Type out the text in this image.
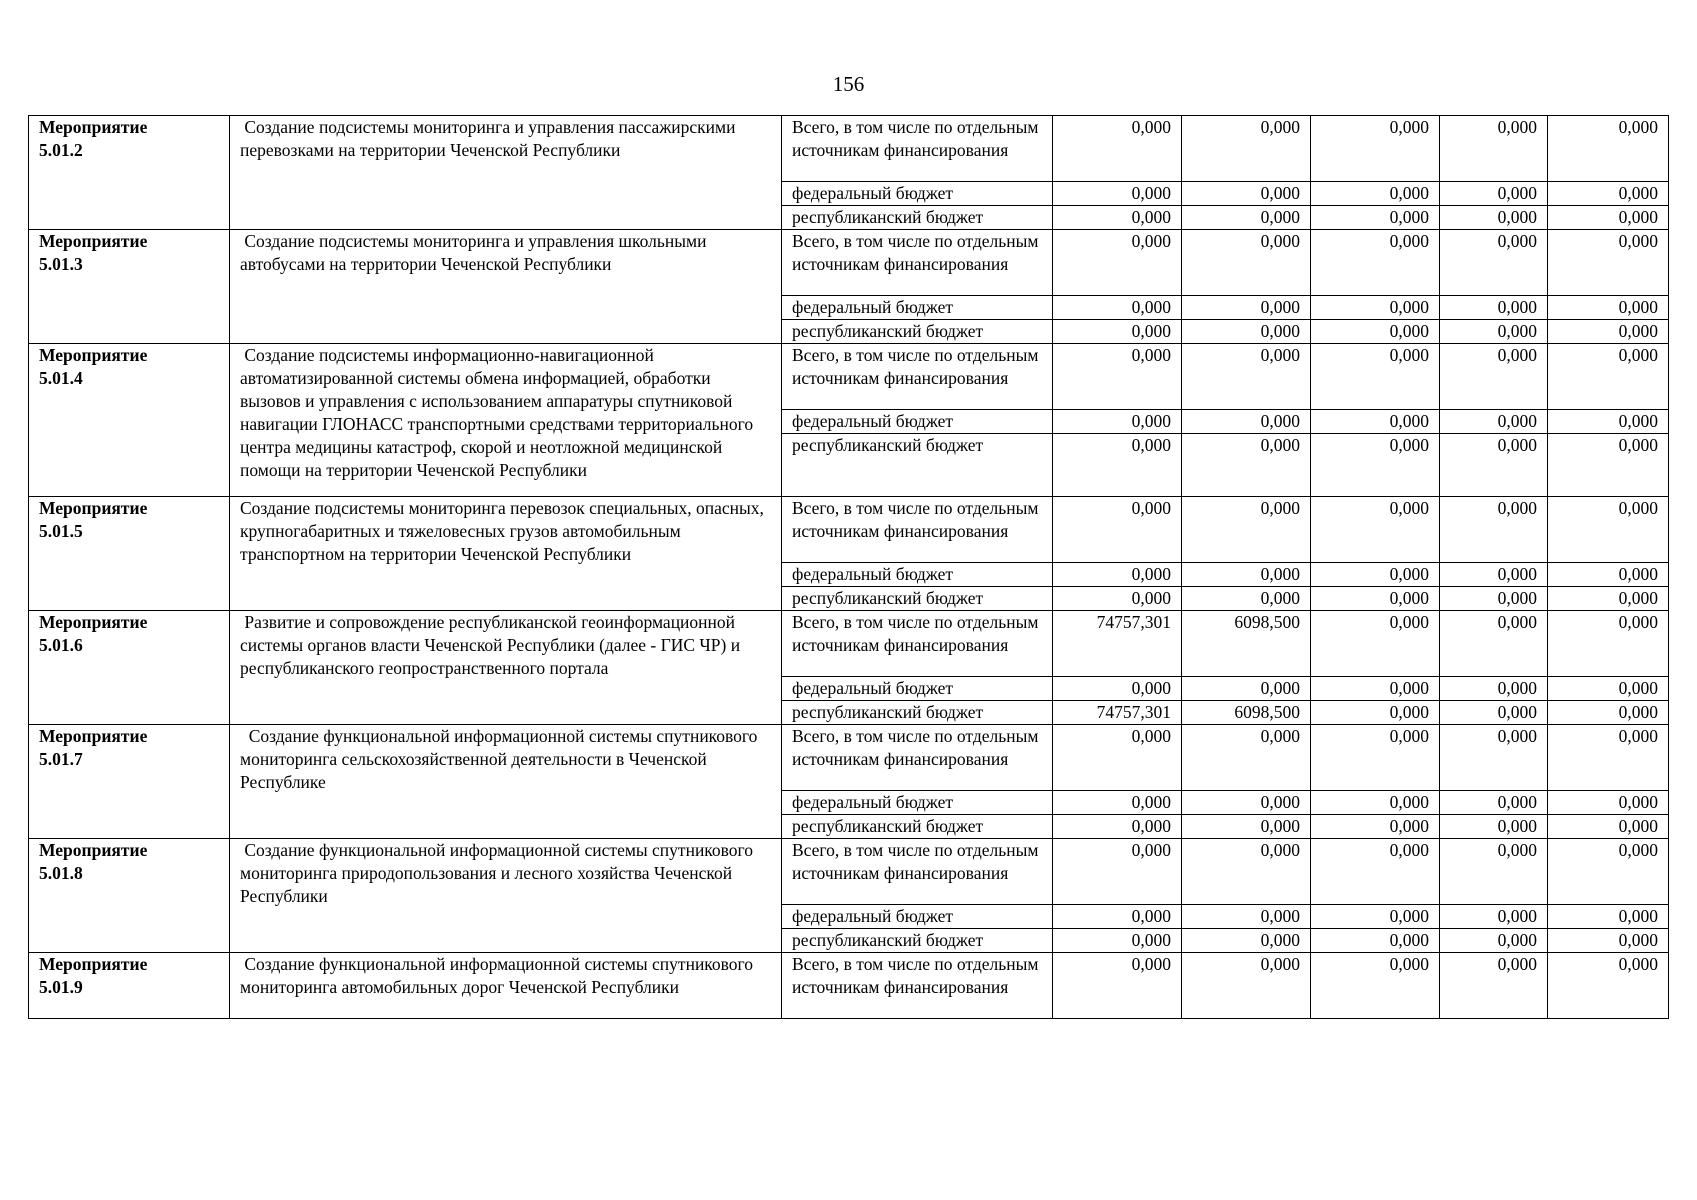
156
Мероприятие
5.01.2	Создание подсистемы мониторинга и управления пассажирскими перевозками на территории Чеченской Республики	Всего, в том числе по отдельным источникам финансирования	0,000	0,000	0,000	0,000	0,000
		федеральный бюджет	0,000	0,000	0,000	0,000	0,000
		республиканский бюджет	0,000	0,000	0,000	0,000	0,000

Мероприятие
5.01.3	Создание подсистемы мониторинга и управления школьными автобусами на территории Чеченской Республики	Всего, в том числе по отдельным источникам финансирования	0,000	0,000	0,000	0,000	0,000
		федеральный бюджет	0,000	0,000	0,000	0,000	0,000
		республиканский бюджет	0,000	0,000	0,000	0,000	0,000

Мероприятие
5.01.4	Создание подсистемы информационно-навигационной автоматизированной системы обмена информацией, обработки вызовов и управления с использованием аппаратуры спутниковой навигации ГЛОНАСС транспортными средствами территориального центра медицины катастроф, скорой и неотложной медицинской помощи на территории Чеченской Республики	Всего, в том числе по отдельным источникам финансирования	0,000	0,000	0,000	0,000	0,000
		федеральный бюджет	0,000	0,000	0,000	0,000	0,000
		республиканский бюджет	0,000	0,000	0,000	0,000	0,000

Мероприятие
5.01.5	Создание подсистемы мониторинга перевозок специальных, опасных, крупногабаритных и тяжеловесных грузов автомобильным транспортном на территории Чеченской Республики	Всего, в том числе по отдельным источникам финансирования	0,000	0,000	0,000	0,000	0,000
		федеральный бюджет	0,000	0,000	0,000	0,000	0,000
		республиканский бюджет	0,000	0,000	0,000	0,000	0,000

Мероприятие
5.01.6	Развитие и сопровождение республиканской геоинформационной системы органов власти Чеченской Республики (далее - ГИС ЧР) и республиканского геопространственного портала	Всего, в том числе по отдельным источникам финансирования	74757,301	6098,500	0,000	0,000	0,000
		федеральный бюджет	0,000	0,000	0,000	0,000	0,000
		республиканский бюджет	74757,301	6098,500	0,000	0,000	0,000

Мероприятие
5.01.7	Создание функциональной информационной системы спутникового мониторинга сельскохозяйственной деятельности в Чеченской Республике	Всего, в том числе по отдельным источникам финансирования	0,000	0,000	0,000	0,000	0,000
		федеральный бюджет	0,000	0,000	0,000	0,000	0,000
		республиканский бюджет	0,000	0,000	0,000	0,000	0,000

Мероприятие
5.01.8	Создание функциональной информационной системы спутникового мониторинга природопользования и лесного хозяйства Чеченской Республики	Всего, в том числе по отдельным источникам финансирования	0,000	0,000	0,000	0,000	0,000
		федеральный бюджет	0,000	0,000	0,000	0,000	0,000
		республиканский бюджет	0,000	0,000	0,000	0,000	0,000

Мероприятие
5.01.9	Создание функциональной информационной системы спутникового мониторинга автомобильных дорог Чеченской Республики	Всего, в том числе по отдельным источникам финансирования	0,000	0,000	0,000	0,000	0,000
